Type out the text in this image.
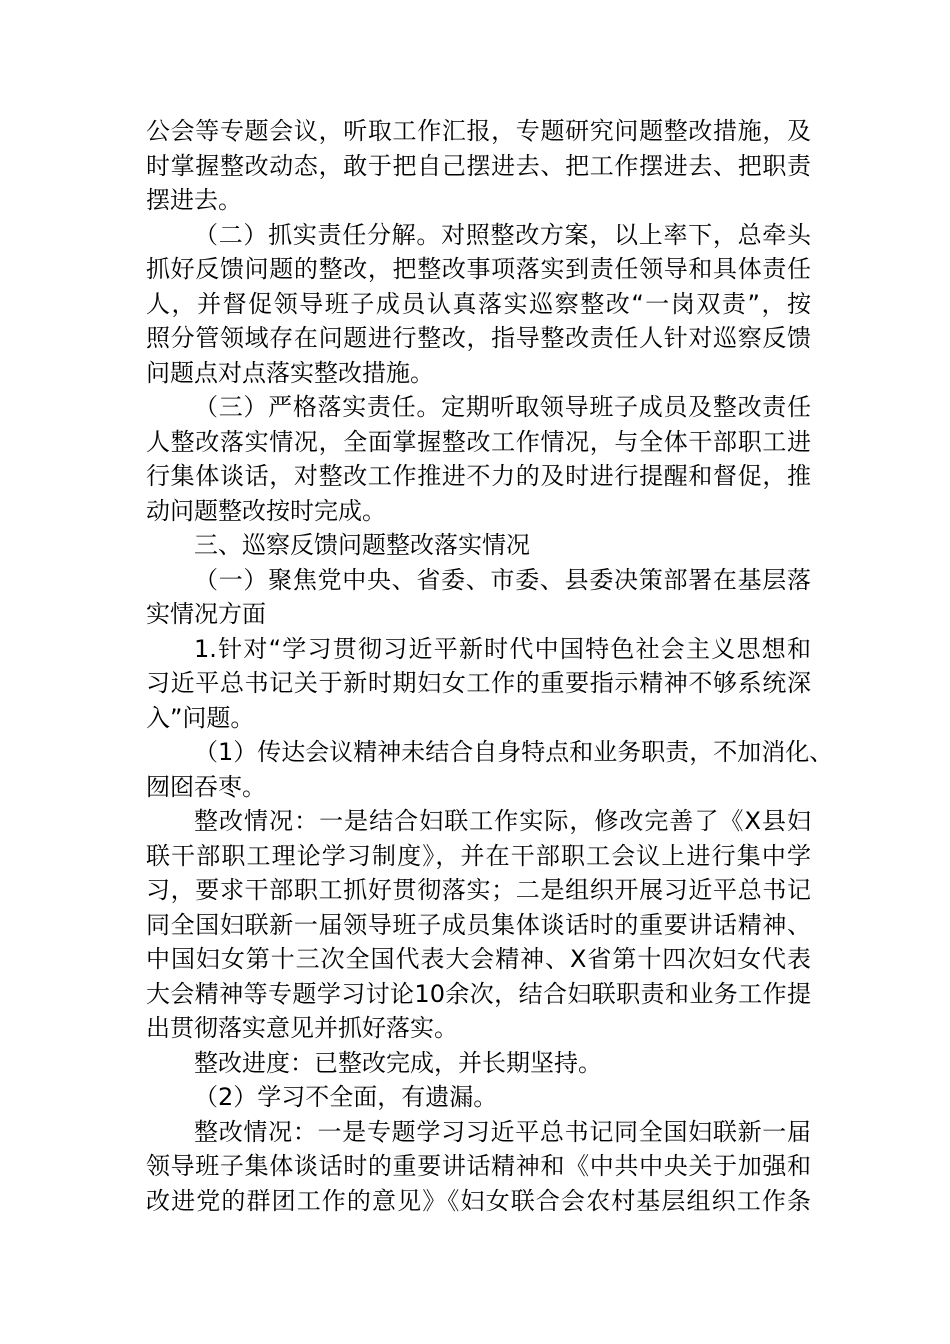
公会等专题会议，听取工作汇报，专题研究问题整改措施，及
时掌握整改动态，敢于把自己摆进去、把工作摆进去、把职责
摆进去。
（二）抓实责任分解。对照整改方案，以上率下，总牵头
抓好反馈问题的整改，把整改事项落实到责任领导和具体责任
人，并督促领导班子成员认真落实巡察整改“一岗双责”，按
照分管领域存在问题进行整改，指导整改责任人针对巡察反馈
问题点对点落实整改措施。
（三）严格落实责任。定期听取领导班子成员及整改责任
人整改落实情况，全面掌握整改工作情况，与全体干部职工进
行集体谈话，对整改工作推进不力的及时进行提醒和督促，推
动问题整改按时完成。
三、巡察反馈问题整改落实情况
（一）聚焦党中央、省委、市委、县委决策部署在基层落
实情况方面
1.针对“学习贯彻习近平新时代中国特色社会主义思想和
习近平总书记关于新时期妇女工作的重要指示精神不够系统深
入”问题。
（1）传达会议精神未结合自身特点和业务职责，不加消化、
囫囵吞枣。
整改情况：一是结合妇联工作实际，修改完善了《X县妇
联干部职工理论学习制度》，并在干部职工会议上进行集中学
习，要求干部职工抓好贯彻落实；二是组织开展习近平总书记
同全国妇联新一届领导班子成员集体谈话时的重要讲话精神、
中国妇女第十三次全国代表大会精神、X省第十四次妇女代表
大会精神等专题学习讨论10余次，结合妇联职责和业务工作提
出贯彻落实意见并抓好落实。
整改进度：已整改完成，并长期坚持。
（2）学习不全面，有遗漏。
整改情况：一是专题学习习近平总书记同全国妇联新一届
领导班子集体谈话时的重要讲话精神和《中共中央关于加强和
改进党的群团工作的意见》《妇女联合会农村基层组织工作条
